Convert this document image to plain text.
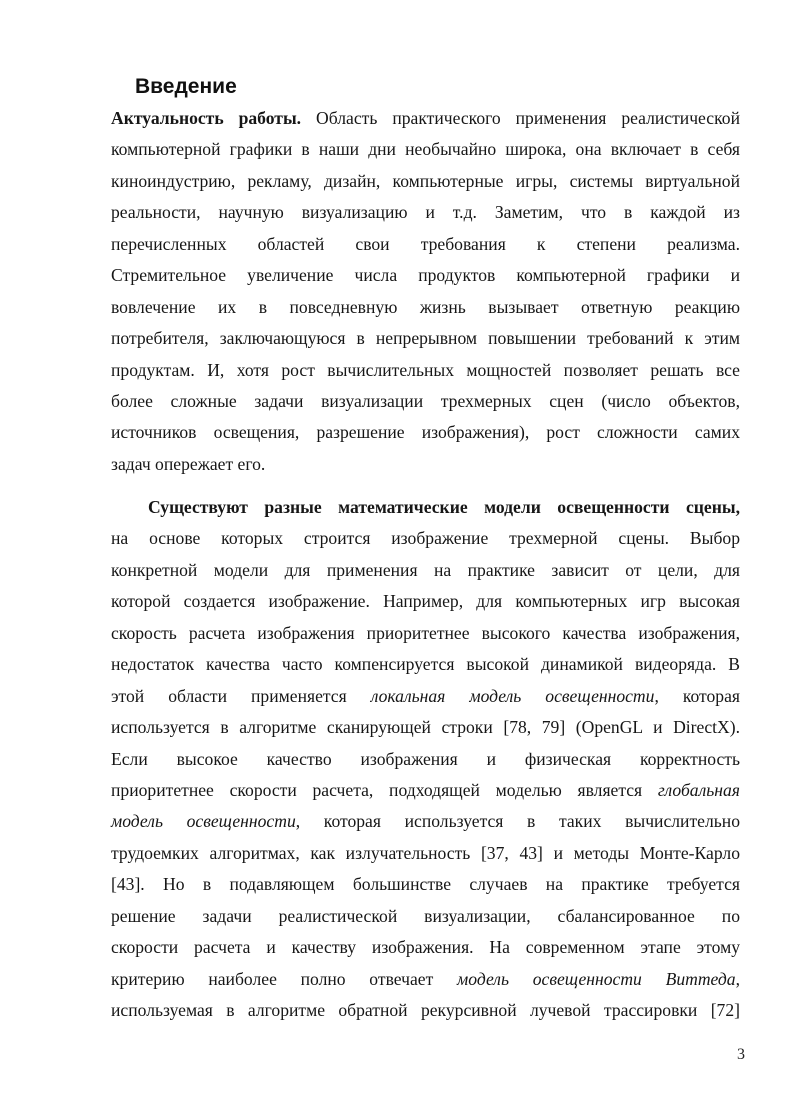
Введение
Актуальность работы. Область практического применения реалистической
компьютерной графики в наши дни необычайно широка, она включает в себя
киноиндустрию, рекламу, дизайн, компьютерные игры, системы виртуальной
реальности, научную визуализацию и т.д. Заметим, что в каждой из
перечисленных областей свои требования к степени реализма.
Стремительное увеличение числа продуктов компьютерной графики и
вовлечение их в повседневную жизнь вызывает ответную реакцию
потребителя, заключающуюся в непрерывном повышении требований к этим
продуктам. И, хотя рост вычислительных мощностей позволяет решать все
более сложные задачи визуализации трехмерных сцен (число объектов,
источников освещения, разрешение изображения), рост сложности самих
задач опережает его.
Существуют разные математические модели освещенности сцены,
на основе которых строится изображение трехмерной сцены. Выбор
конкретной модели для применения на практике зависит от цели, для
которой создается изображение. Например, для компьютерных игр высокая
скорость расчета изображения приоритетнее высокого качества изображения,
недостаток качества часто компенсируется высокой динамикой видеоряда. В
этой области применяется локальная модель освещенности, которая
используется в алгоритме сканирующей строки [78, 79] (OpenGL и DirectX).
Если высокое качество изображения и физическая корректность
приоритетнее скорости расчета, подходящей моделью является глобальная
модель освещенности, которая используется в таких вычислительно
трудоемких алгоритмах, как излучательность [37, 43] и методы Монте-Карло
[43]. Но в подавляющем большинстве случаев на практике требуется
решение задачи реалистической визуализации, сбалансированное по
скорости расчета и качеству изображения. На современном этапе этому
критерию наиболее полно отвечает модель освещенности Виттеда,
используемая в алгоритме обратной рекурсивной лучевой трассировки [72]
3
